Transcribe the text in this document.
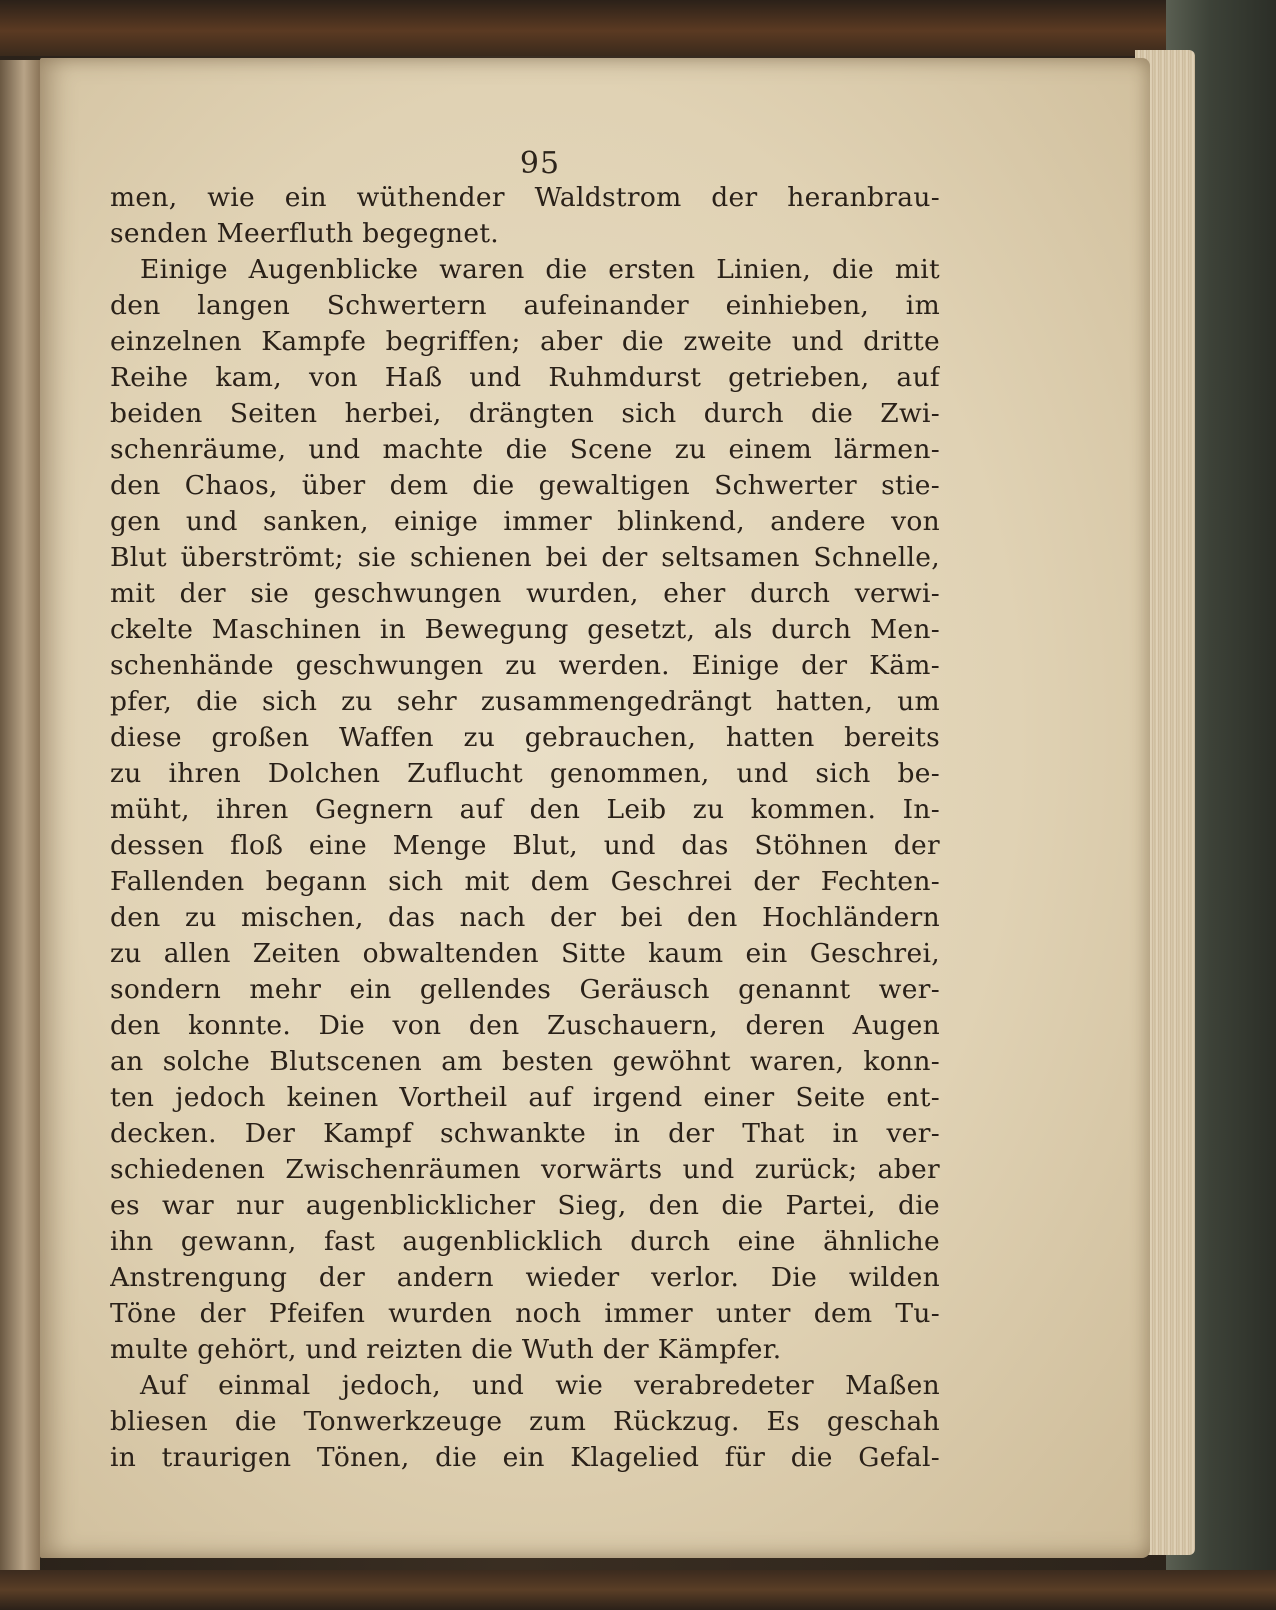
95
men, wie ein wüthender Waldstrom der heranbrau-
senden Meerfluth begegnet.
Einige Augenblicke waren die ersten Linien, die mit
den langen Schwertern aufeinander einhieben, im
einzelnen Kampfe begriffen; aber die zweite und dritte
Reihe kam, von Haß und Ruhmdurst getrieben, auf
beiden Seiten herbei, drängten sich durch die Zwi-
schenräume, und machte die Scene zu einem lärmen-
den Chaos, über dem die gewaltigen Schwerter stie-
gen und sanken, einige immer blinkend, andere von
Blut überströmt; sie schienen bei der seltsamen Schnelle,
mit der sie geschwungen wurden, eher durch verwi-
ckelte Maschinen in Bewegung gesetzt, als durch Men-
schenhände geschwungen zu werden. Einige der Käm-
pfer, die sich zu sehr zusammengedrängt hatten, um
diese großen Waffen zu gebrauchen, hatten bereits
zu ihren Dolchen Zuflucht genommen, und sich be-
müht, ihren Gegnern auf den Leib zu kommen. In-
dessen floß eine Menge Blut, und das Stöhnen der
Fallenden begann sich mit dem Geschrei der Fechten-
den zu mischen, das nach der bei den Hochländern
zu allen Zeiten obwaltenden Sitte kaum ein Geschrei,
sondern mehr ein gellendes Geräusch genannt wer-
den konnte. Die von den Zuschauern, deren Augen
an solche Blutscenen am besten gewöhnt waren, konn-
ten jedoch keinen Vortheil auf irgend einer Seite ent-
decken. Der Kampf schwankte in der That in ver-
schiedenen Zwischenräumen vorwärts und zurück; aber
es war nur augenblicklicher Sieg, den die Partei, die
ihn gewann, fast augenblicklich durch eine ähnliche
Anstrengung der andern wieder verlor. Die wilden
Töne der Pfeifen wurden noch immer unter dem Tu-
multe gehört, und reizten die Wuth der Kämpfer.
Auf einmal jedoch, und wie verabredeter Maßen
bliesen die Tonwerkzeuge zum Rückzug. Es geschah
in traurigen Tönen, die ein Klagelied für die Gefal-
